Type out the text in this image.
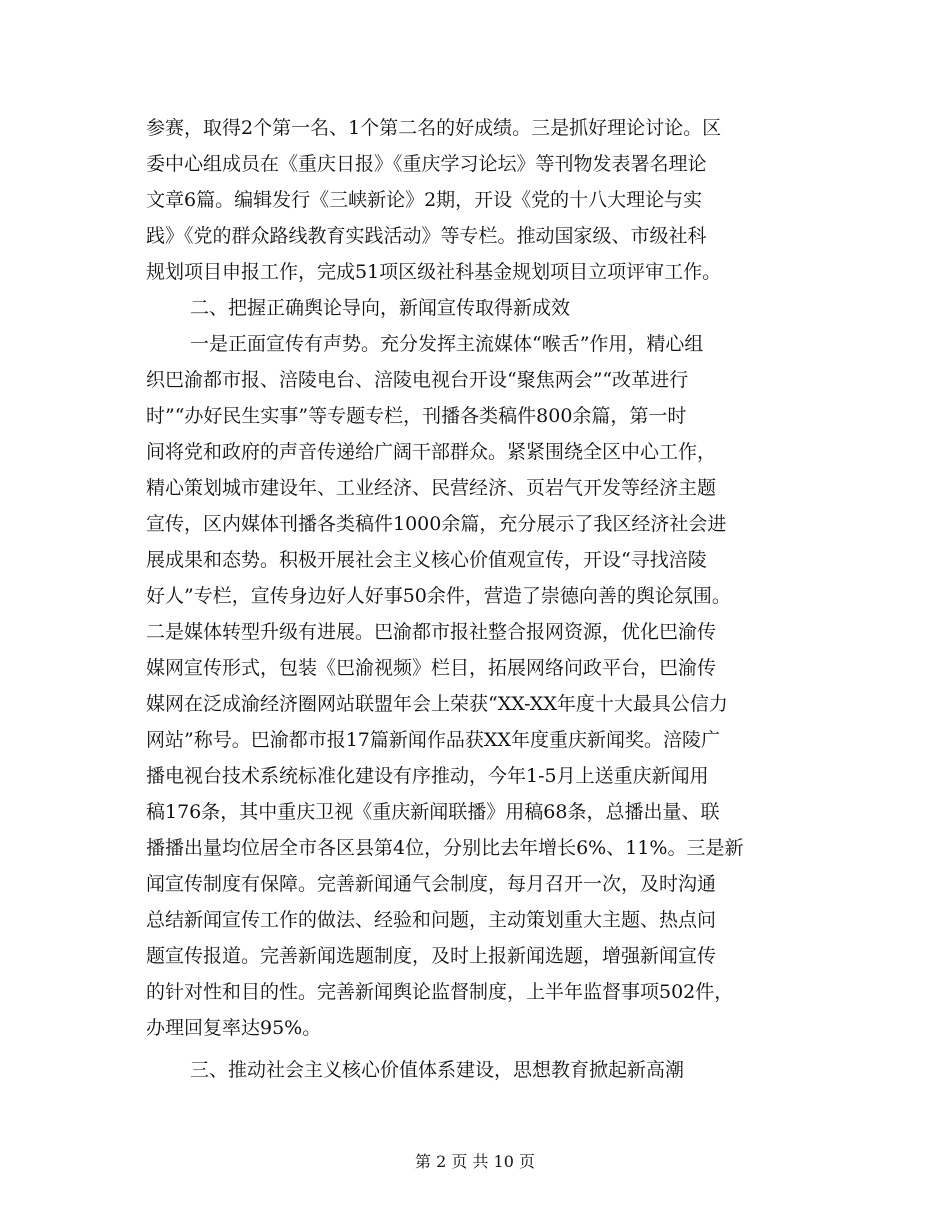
参赛，取得2个第一名、1个第二名的好成绩。三是抓好理论讨论。区
委中心组成员在《重庆日报》《重庆学习论坛》等刊物发表署名理论
文章6篇。编辑发行《三峡新论》2期，开设《党的十八大理论与实
践》《党的群众路线教育实践活动》等专栏。推动国家级、市级社科
规划项目申报工作，完成51项区级社科基金规划项目立项评审工作。
二、把握正确舆论导向，新闻宣传取得新成效
一是正面宣传有声势。充分发挥主流媒体“喉舌”作用，精心组
织巴渝都市报、涪陵电台、涪陵电视台开设“聚焦两会”“改革进行
时”“办好民生实事”等专题专栏，刊播各类稿件800余篇，第一时
间将党和政府的声音传递给广阔干部群众。紧紧围绕全区中心工作，
精心策划城市建设年、工业经济、民营经济、页岩气开发等经济主题
宣传，区内媒体刊播各类稿件1000余篇，充分展示了我区经济社会进
展成果和态势。积极开展社会主义核心价值观宣传，开设“寻找涪陵
好人”专栏，宣传身边好人好事50余件，营造了崇德向善的舆论氛围。
二是媒体转型升级有进展。巴渝都市报社整合报网资源，优化巴渝传
媒网宣传形式，包装《巴渝视频》栏目，拓展网络问政平台，巴渝传
媒网在泛成渝经济圈网站联盟年会上荣获“XX-XX年度十大最具公信力
网站”称号。巴渝都市报17篇新闻作品获XX年度重庆新闻奖。涪陵广
播电视台技术系统标准化建设有序推动，今年1-5月上送重庆新闻用
稿176条，其中重庆卫视《重庆新闻联播》用稿68条，总播出量、联
播播出量均位居全市各区县第4位，分别比去年增长6%、11%。三是新
闻宣传制度有保障。完善新闻通气会制度，每月召开一次，及时沟通
总结新闻宣传工作的做法、经验和问题，主动策划重大主题、热点问
题宣传报道。完善新闻选题制度，及时上报新闻选题，增强新闻宣传
的针对性和目的性。完善新闻舆论监督制度，上半年监督事项502件，
办理回复率达95%。
三、推动社会主义核心价值体系建设，思想教育掀起新高潮
第 2 页 共 10 页
